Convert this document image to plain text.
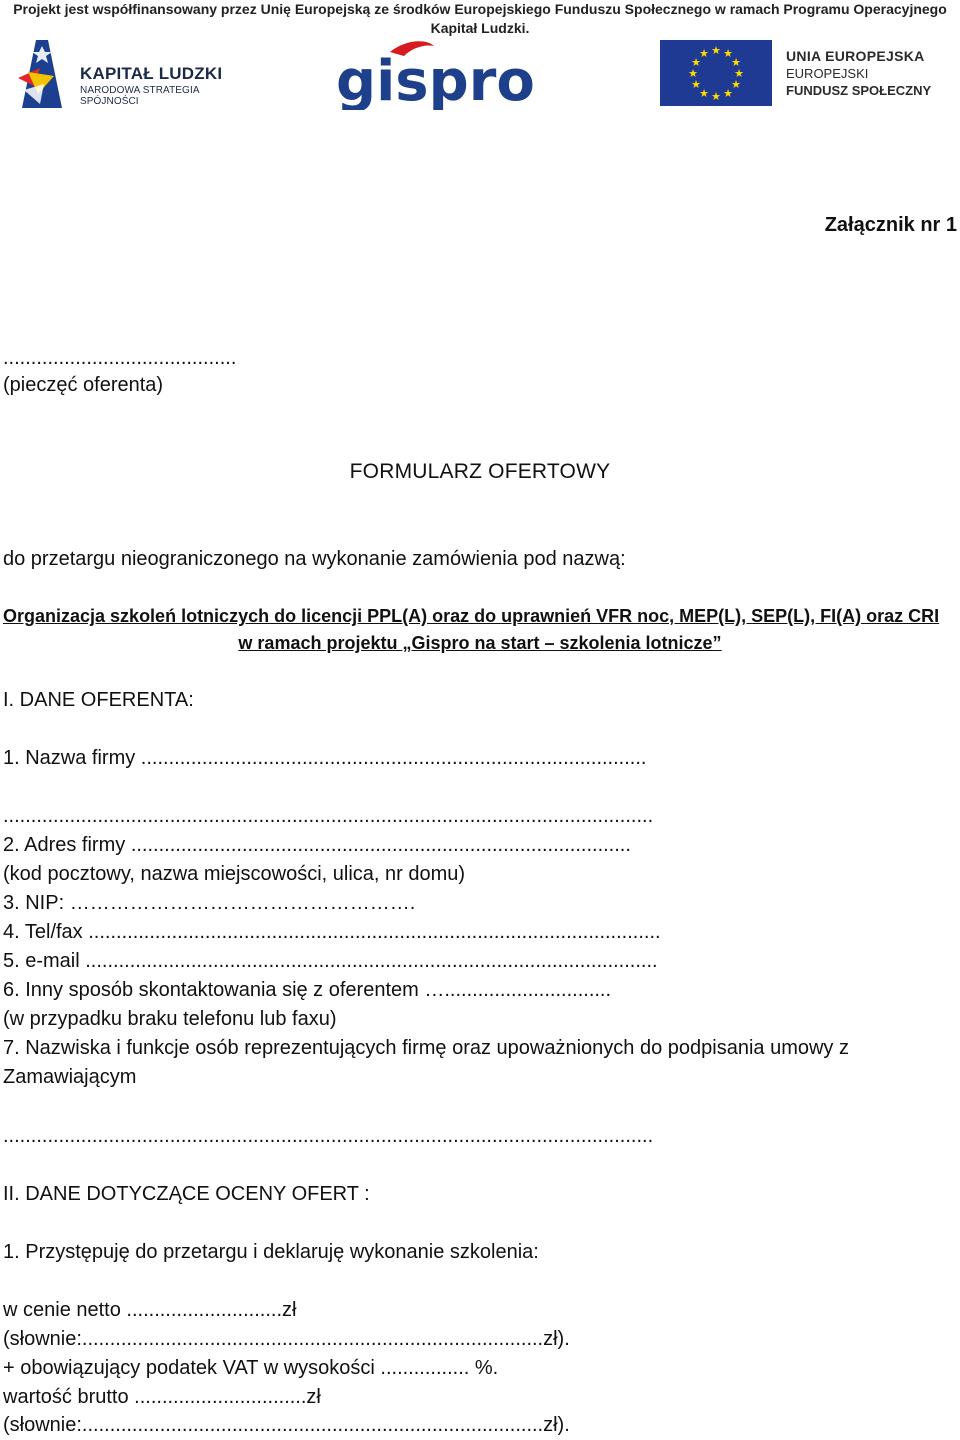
Projekt jest współfinansowany przez Unię Europejską ze środków Europejskiego Funduszu Społecznego w ramach Programu Operacyjnego Kapitał Ludzki.
KAPITAŁ LUDZKI
NARODOWA STRATEGIA SPÓJNOŚCI	gispro	★ ★
★
★
★
★
★
★
★
★
★
★	UNIA EUROPEJSKA
EUROPEJSKI
FUNDUSZ SPOŁECZNY
Załącznik nr 1
..........................................
(pieczęć oferenta)
FORMULARZ OFERTOWY
do przetargu nieograniczonego na wykonanie zamówienia pod nazwą:
Organizacja szkoleń lotniczych do licencji PPL(A) oraz do uprawnień VFR noc, MEP(L), SEP(L), FI(A) oraz CRI
w ramach projektu „Gispro na start – szkolenia lotnicze”
I. DANE OFERENTA:
1. Nazwa firmy ...........................................................................................
.....................................................................................................................
2. Adres firmy ..........................................................................................
(kod pocztowy, nazwa miejscowości, ulica, nr domu)
3. NIP: …………………………………………….
4. Tel/fax .......................................................................................................
5. e-mail .......................................................................................................
6. Inny sposób skontaktowania się z oferentem …..............................
(w przypadku braku telefonu lub faxu)
7. Nazwiska i funkcje osób reprezentujących firmę oraz upoważnionych do podpisania umowy z
Zamawiającym
.....................................................................................................................
II. DANE DOTYCZĄCE OCENY OFERT :
1. Przystępuję do przetargu i deklaruję wykonanie szkolenia:
w cenie netto ............................zł
(słownie:...................................................................................zł).
+ obowiązujący podatek VAT w wysokości ................ %.
wartość brutto ...............................zł
(słownie:...................................................................................zł).
